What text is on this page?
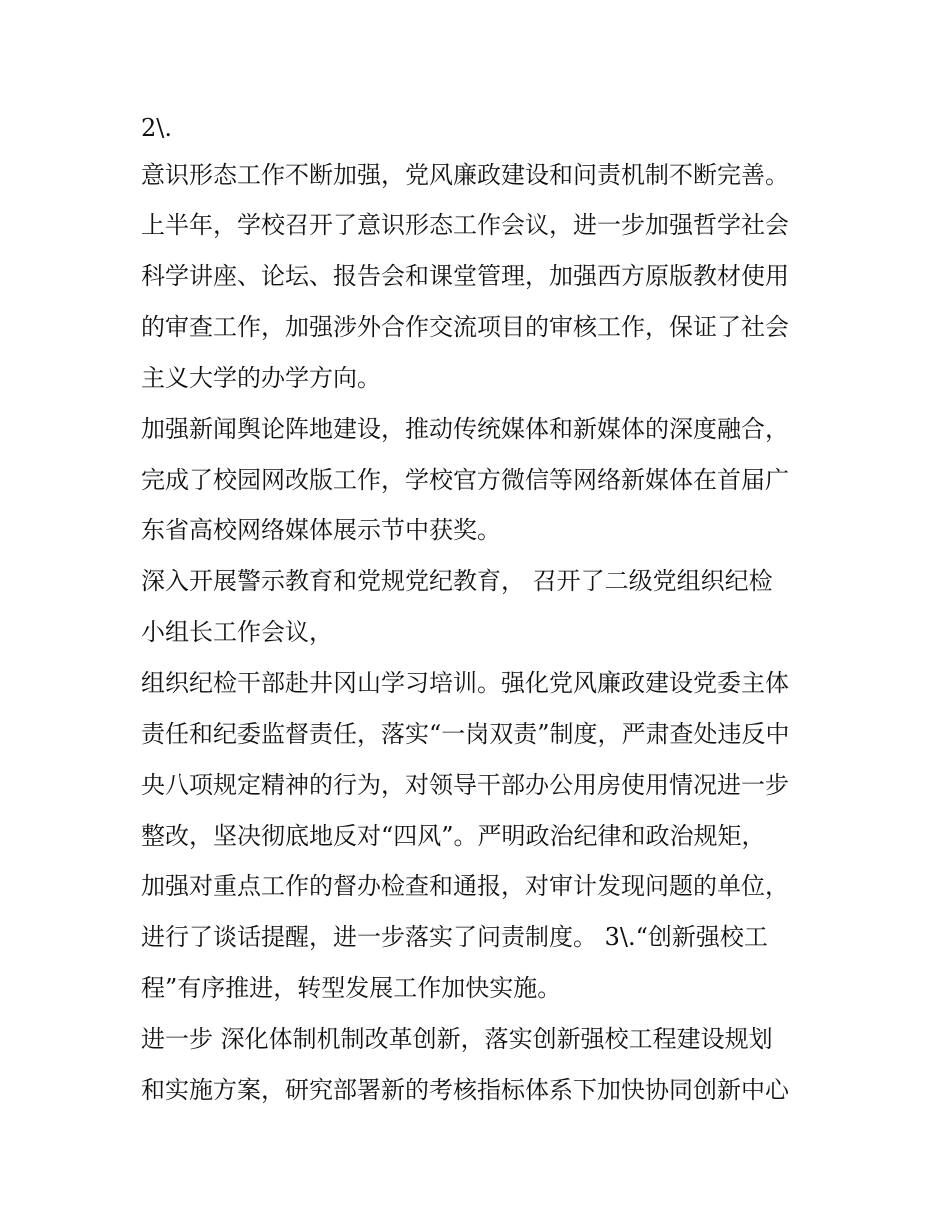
2\.
意识形态工作不断加强，党风廉政建设和问责机制不断完善。
上半年，学校召开了意识形态工作会议，进一步加强哲学社会
科学讲座、论坛、报告会和课堂管理，加强西方原版教材使用
的审查工作，加强涉外合作交流项目的审核工作，保证了社会
主义大学的办学方向。
加强新闻舆论阵地建设，推动传统媒体和新媒体的深度融合，
完成了校园网改版工作，学校官方微信等网络新媒体在首届广
东省高校网络媒体展示节中获奖。
深入开展警示教育和党规党纪教育， 召开了二级党组织纪检
小组长工作会议，
组织纪检干部赴井冈山学习培训。强化党风廉政建设党委主体
责任和纪委监督责任，落实“一岗双责”制度，严肃查处违反中
央八项规定精神的行为，对领导干部办公用房使用情况进一步
整改，坚决彻底地反对“四风”。严明政治纪律和政治规矩，
加强对重点工作的督办检查和通报，对审计发现问题的单位，
进行了谈话提醒，进一步落实了问责制度。 3\.“创新强校工
程”有序推进，转型发展工作加快实施。
进一步 深化体制机制改革创新，落实创新强校工程建设规划
和实施方案，研究部署新的考核指标体系下加快协同创新中心
